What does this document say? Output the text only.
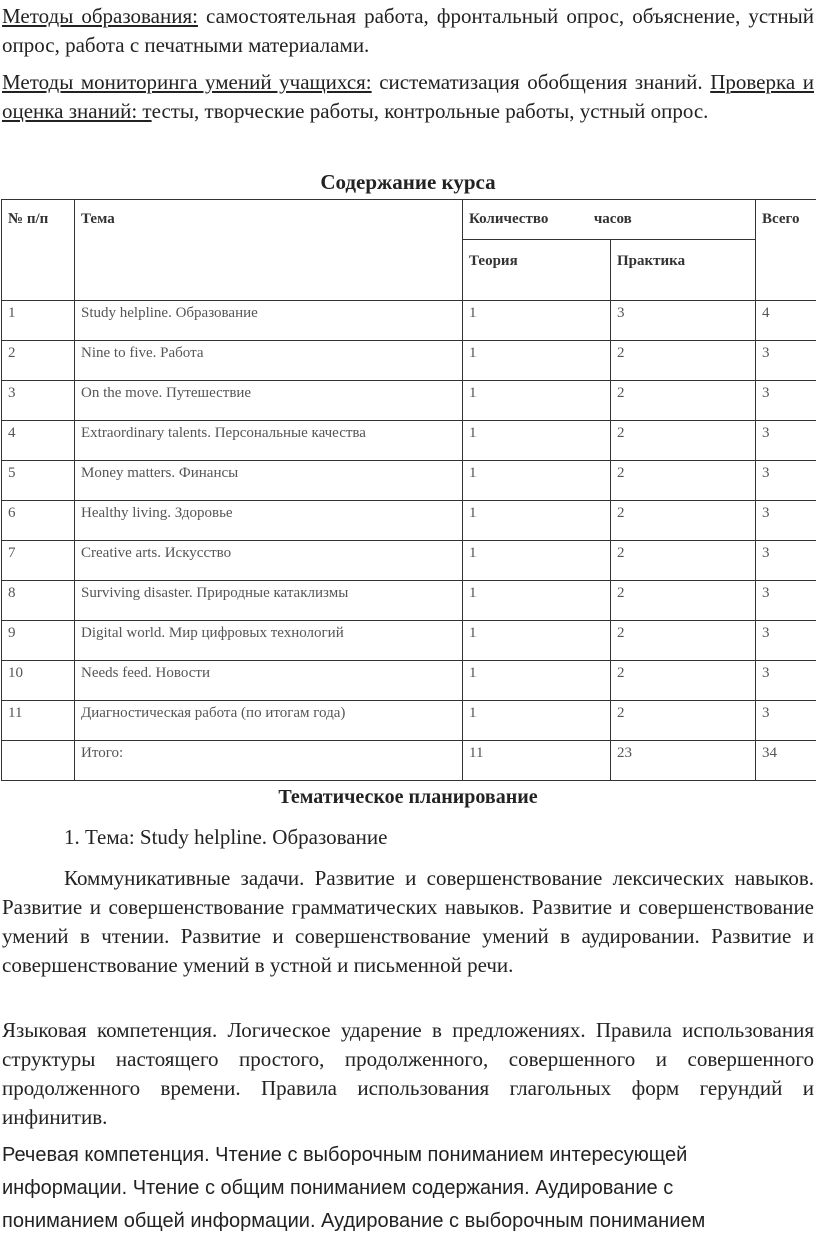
Методы образования: самостоятельная работа, фронтальный опрос, объяснение, устный опрос, работа с печатными материалами.

Методы мониторинга умений учащихся: систематизация обобщения знаний. Проверка и оценка знаний: тесты, творческие работы, контрольные работы, устный опрос.

Содержание курса

№ п/п	Тема	Количество часов		Всего
		Теория	Практика	
1	Study helpline. Образование	1	3	4
2	Nine to five. Работа	1	2	3
3	On the move. Путешествие	1	2	3
4	Extraordinary talents. Персональные качества	1	2	3
5	Money matters. Финансы	1	2	3
6	Healthy living. Здоровье	1	2	3
7	Creative arts. Искусство	1	2	3
8	Surviving disaster. Природные катаклизмы	1	2	3
9	Digital world. Мир цифровых технологий	1	2	3
10	Needs feed. Новости	1	2	3
11	Диагностическая работа (по итогам года)	1	2	3
	Итого:	11	23	34

Тематическое планирование

1. Тема: Study helpline. Образование

Коммуникативные задачи. Развитие и совершенствование лексических навыков. Развитие и совершенствование грамматических навыков. Развитие и совершенствование умений в чтении. Развитие и совершенствование умений в аудировании. Развитие и совершенствование умений в устной и письменной речи.

Языковая компетенция. Логическое ударение в предложениях. Правила использования структуры настоящего простого, продолженного, совершенного и совершенного продолженного времени. Правила использования глагольных форм герундий и инфинитив.

Речевая компетенция. Чтение с выборочным пониманием интересующей информации. Чтение с общим пониманием содержания. Аудирование с пониманием общей информации. Аудирование с выборочным пониманием
